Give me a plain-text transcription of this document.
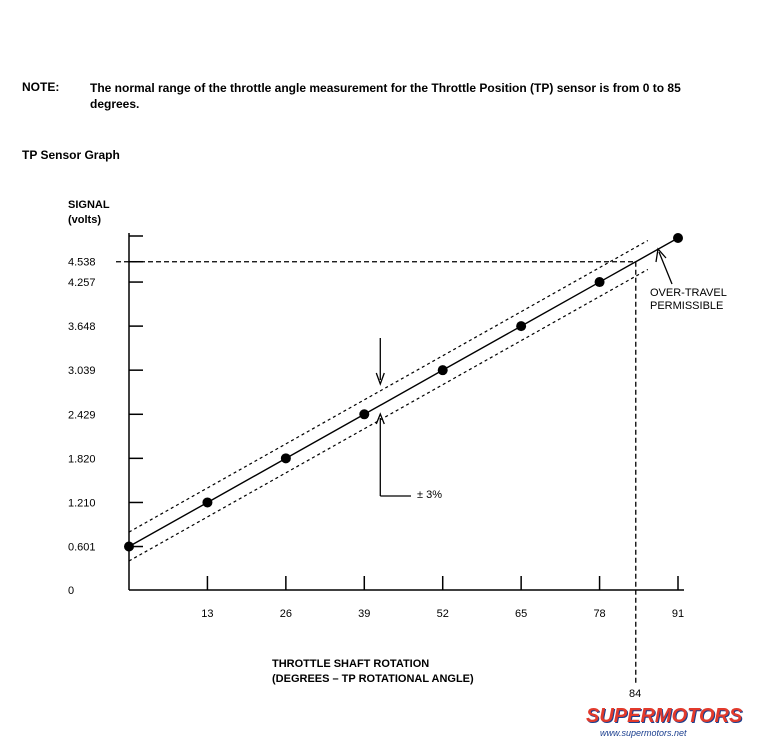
NOTE:	The normal range of the throttle angle measurement for the Throttle Position (TP) sensor is from 0 to 85 degrees.
TP Sensor Graph
SIGNAL
(volts)
THROTTLE SHAFT ROTATION
(DEGREES – TP ROTATIONAL ANGLE)
OVER-TRAVEL
PERMISSIBLE
± 3%
84
0
0.601
1.210
1.820
2.429
3.039
3.648
4.257
4.538
13	26	39	52	65	78	91
SUPERMOTORS
www.supermotors.net
